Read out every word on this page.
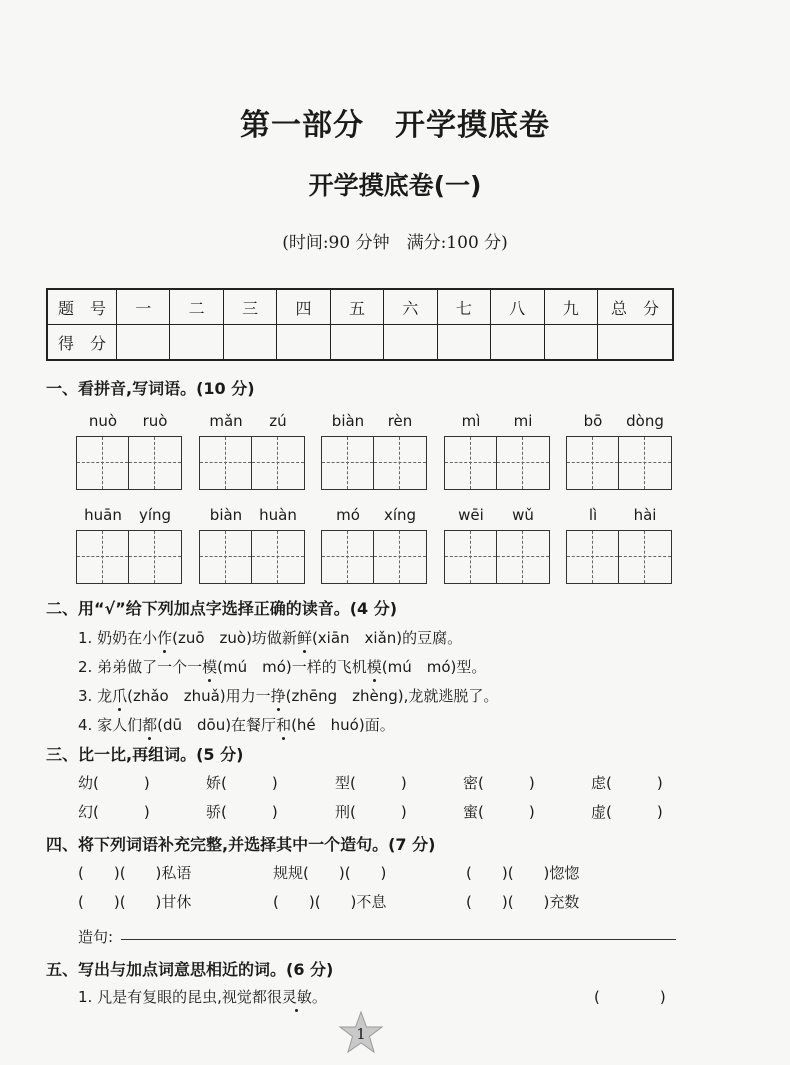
第一部分　开学摸底卷
开学摸底卷(一)
(时间:90 分钟　满分:100 分)
题　号	一	二	三	四	五	六	七	八	九	总　分
得　分										
一、看拼音,写词语。(10 分)
nuò	ruò	mǎn	zú	biàn	rèn	mì	mi	bō	dòng
huān	yíng	biàn	huàn	mó	xíng	wēi	wǔ	lì	hài
二、用“√”给下列加点字选择正确的读音。(4 分)
1. 奶奶在小作(zuō　zuò)坊做新鲜(xiān　xiǎn)的豆腐。
2. 弟弟做了一个一模(mú　mó)一样的飞机模(mú　mó)型。
3. 龙爪(zhǎo　zhuǎ)用力一挣(zhēng　zhèng),龙就逃脱了。
4. 家人们都(dū　dōu)在餐厅和(hé　huó)面。
三、比一比,再组词。(5 分)
幼(　　　)	娇(　　　)	型(　　　)	密(　　　)	虑(　　　)
幻(　　　)	骄(　　　)	刑(　　　)	蜜(　　　)	虚(　　　)
四、将下列词语补充完整,并选择其中一个造句。(7 分)
(　　)(　　)私语	规规(　　)(　　)	(　　)(　　)惚惚
(　　)(　　)甘休	(　　)(　　)不息	(　　)(　　)充数
造句:
五、写出与加点词意思相近的词。(6 分)
1. 凡是有复眼的昆虫,视觉都很灵敏。	(　　　　)
1
